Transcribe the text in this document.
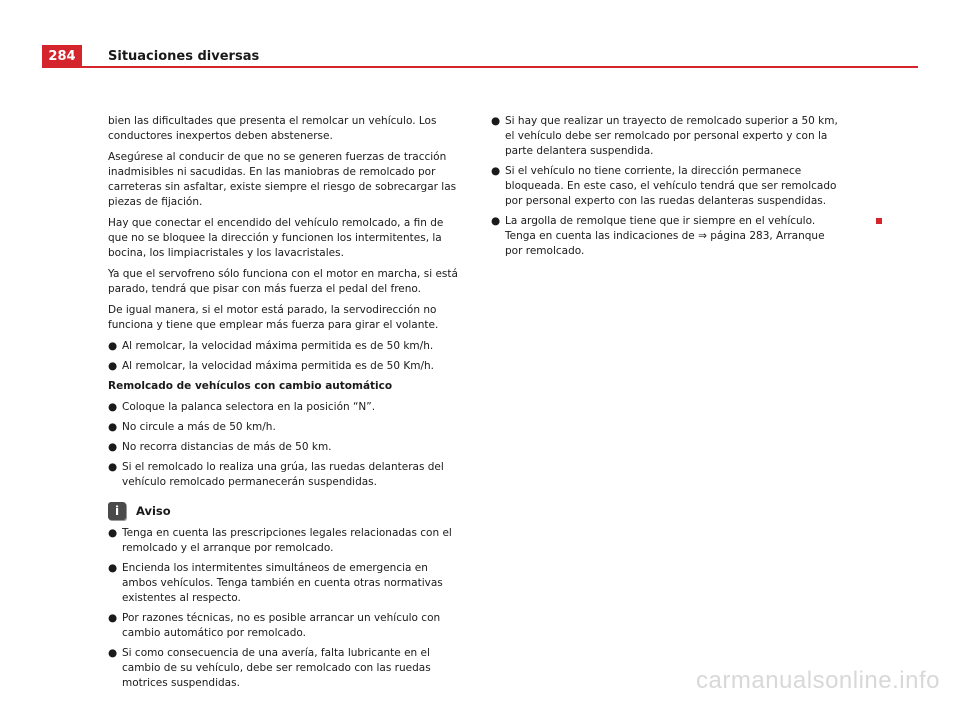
284	Situaciones diversas

bien las dificultades que presenta el remolcar un vehículo. Los conductores inexpertos deben abstenerse.

Asegúrese al conducir de que no se generen fuerzas de tracción inadmisibles ni sacudidas. En las maniobras de remolcado por carreteras sin asfaltar, existe siempre el riesgo de sobrecargar las piezas de fijación.

Hay que conectar el encendido del vehículo remolcado, a fin de que no se bloquee la dirección y funcionen los intermitentes, la bocina, los limpiacristales y los lavacristales.

Ya que el servofreno sólo funciona con el motor en marcha, si está parado, tendrá que pisar con más fuerza el pedal del freno.

De igual manera, si el motor está parado, la servodirección no funciona y tiene que emplear más fuerza para girar el volante.

● Al remolcar, la velocidad máxima permitida es de 50 km/h.
● Al remolcar, la velocidad máxima permitida es de 50 Km/h.
Remolcado de vehículos con cambio automático
● Coloque la palanca selectora en la posición “N”.
● No circule a más de 50 km/h.
● No recorra distancias de más de 50 km.
● Si el remolcado lo realiza una grúa, las ruedas delanteras del vehículo remolcado permanecerán suspendidas.
i	Aviso
● Tenga en cuenta las prescripciones legales relacionadas con el remolcado y el arranque por remolcado.
● Encienda los intermitentes simultáneos de emergencia en ambos vehículos. Tenga también en cuenta otras normativas existentes al respecto.
● Por razones técnicas, no es posible arrancar un vehículo con cambio automático por remolcado.
● Si como consecuencia de una avería, falta lubricante en el cambio de su vehículo, debe ser remolcado con las ruedas motrices suspendidas.
● Si hay que realizar un trayecto de remolcado superior a 50 km, el vehículo debe ser remolcado por personal experto y con la parte delantera suspendida.
● Si el vehículo no tiene corriente, la dirección permanece bloqueada. En este caso, el vehículo tendrá que ser remolcado por personal experto con las ruedas delanteras suspendidas.
● La argolla de remolque tiene que ir siempre en el vehículo. Tenga en cuenta las indicaciones de ⇒ página 283, Arranque por remolcado.
carmanualsonline.info
